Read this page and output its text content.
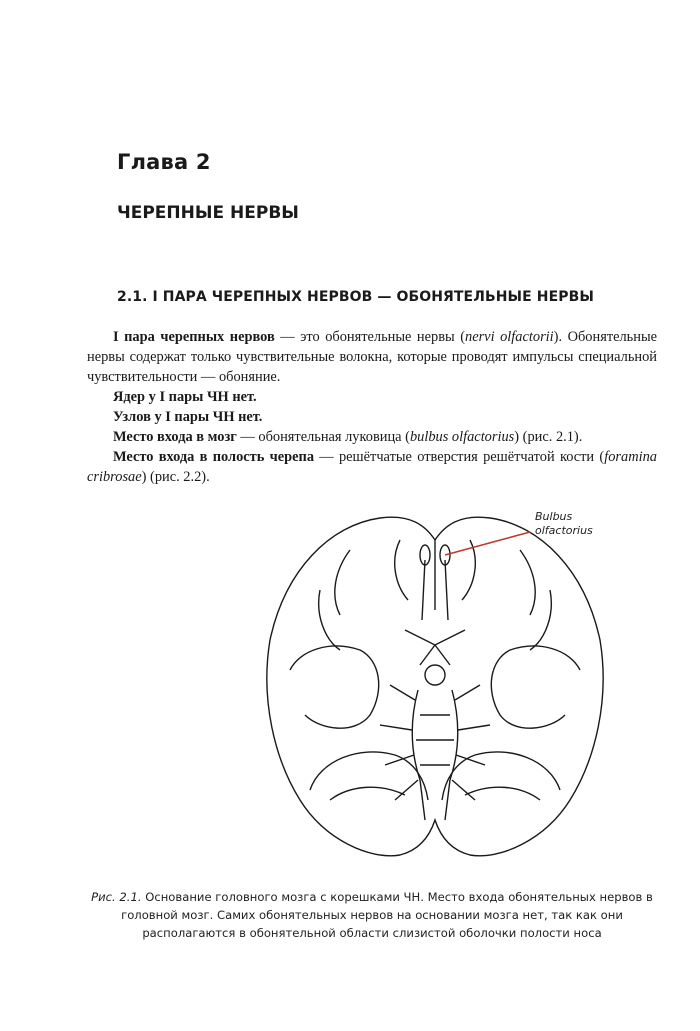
Глава 2
ЧЕРЕПНЫЕ НЕРВЫ
2.1. I ПАРА ЧЕРЕПНЫХ НЕРВОВ — ОБОНЯТЕЛЬНЫЕ НЕРВЫ

I пара черепных нервов — это обонятельные нервы (nervi olfactorii). Обонятельные нервы содержат только чувствительные волокна, которые проводят импульсы специальной чувствительности — обоняние.

Ядер у I пары ЧН нет.

Узлов у I пары ЧН нет.

Место входа в мозг — обонятельная луковица (bulbus olfactorius) (рис. 2.1).

Место входа в полость черепа — решётчатые отверстия решётчатой кости (foramina cribrosae) (рис. 2.2).

Bulbus
olfactorius
Рис. 2.1. Основание головного мозга с корешками ЧН. Место входа обонятельных нервов в головной мозг. Самих обонятельных нервов на основании мозга нет, так как они располагаются в обонятельной области слизистой оболочки полости носа
